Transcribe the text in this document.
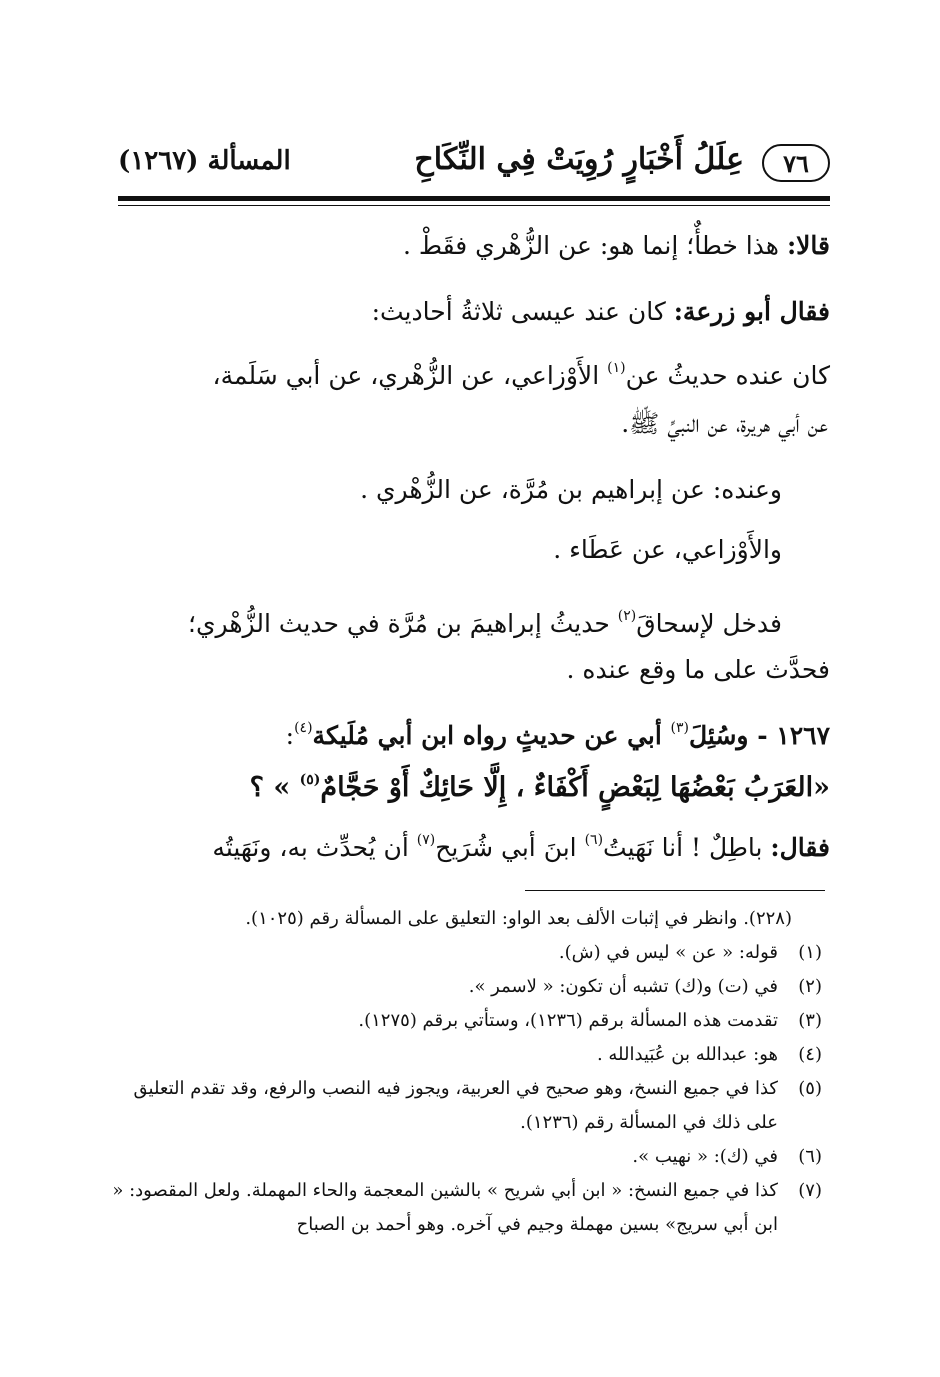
٧٦
عِلَلُ أَخْبَارٍ رُوِيَتْ فِي النِّكَاحِ
المسألة (١٢٦٧)
قالا: هذا خطأٌ؛ إنما هو: عن الزُّهْري فقَطْ .
فقال أبو زرعة: كان عند عيسى ثلاثةُ أحاديث:
كان عنده حديثُ عن$^{(١)}$ الأَوْزاعي، عن الزُّهْري، عن أبي سَلَمة،
عن أبي هريرة، عن النبيِّ ﷺ.
وعنده: عن إبراهيم بن مُرَّة، عن الزُّهْري .
والأَوْزاعي، عن عَطَاء .
فدخل لإسحاقَ$^{(٢)}$ حديثُ إبراهيمَ بن مُرَّة في حديث الزُّهْري؛
فحدَّث على ما وقع عنده .
١٢٦٧ - وسُئِلَ$^{(٣)}$ أبي عن حديثٍ رواه ابن أبي مُلَيكة$^{(٤)}$:
«العَرَبُ بَعْضُهَا لِبَعْضٍ أَكْفَاءٌ ، إِلَّا حَائِكٌ أَوْ حَجَّامٌ$^{(٥)}$ » ؟
فقال: باطِلٌ ! أنا نَهَيتُ$^{(٦)}$ ابنَ أبي شُرَيح$^{(٧)}$ أن يُحدِّث به، ونَهَيتُه
(٢٢٨). وانظر في إثبات الألف بعد الواو: التعليق على المسألة رقم (١٠٢٥).
(١)
قوله: « عن » ليس في (ش).
(٢)
في (ت) و(ك) تشبه أن تكون: « لاسمر ».
(٣)
تقدمت هذه المسألة برقم (١٢٣٦)، وستأتي برقم (١٢٧٥).
(٤)
هو: عبدالله بن عُبَيدالله .
(٥)
كذا في جميع النسخ، وهو صحيح في العربية، ويجوز فيه النصب والرفع، وقد تقدم التعليق على ذلك في المسألة رقم (١٢٣٦).
(٦)
في (ك): « نهيب ».
(٧)
كذا في جميع النسخ: « ابن أبي شريح » بالشين المعجمة والحاء المهملة. ولعل المقصود: « ابن أبي سريج» بسين مهملة وجيم في آخره. وهو أحمد بن الصباح
